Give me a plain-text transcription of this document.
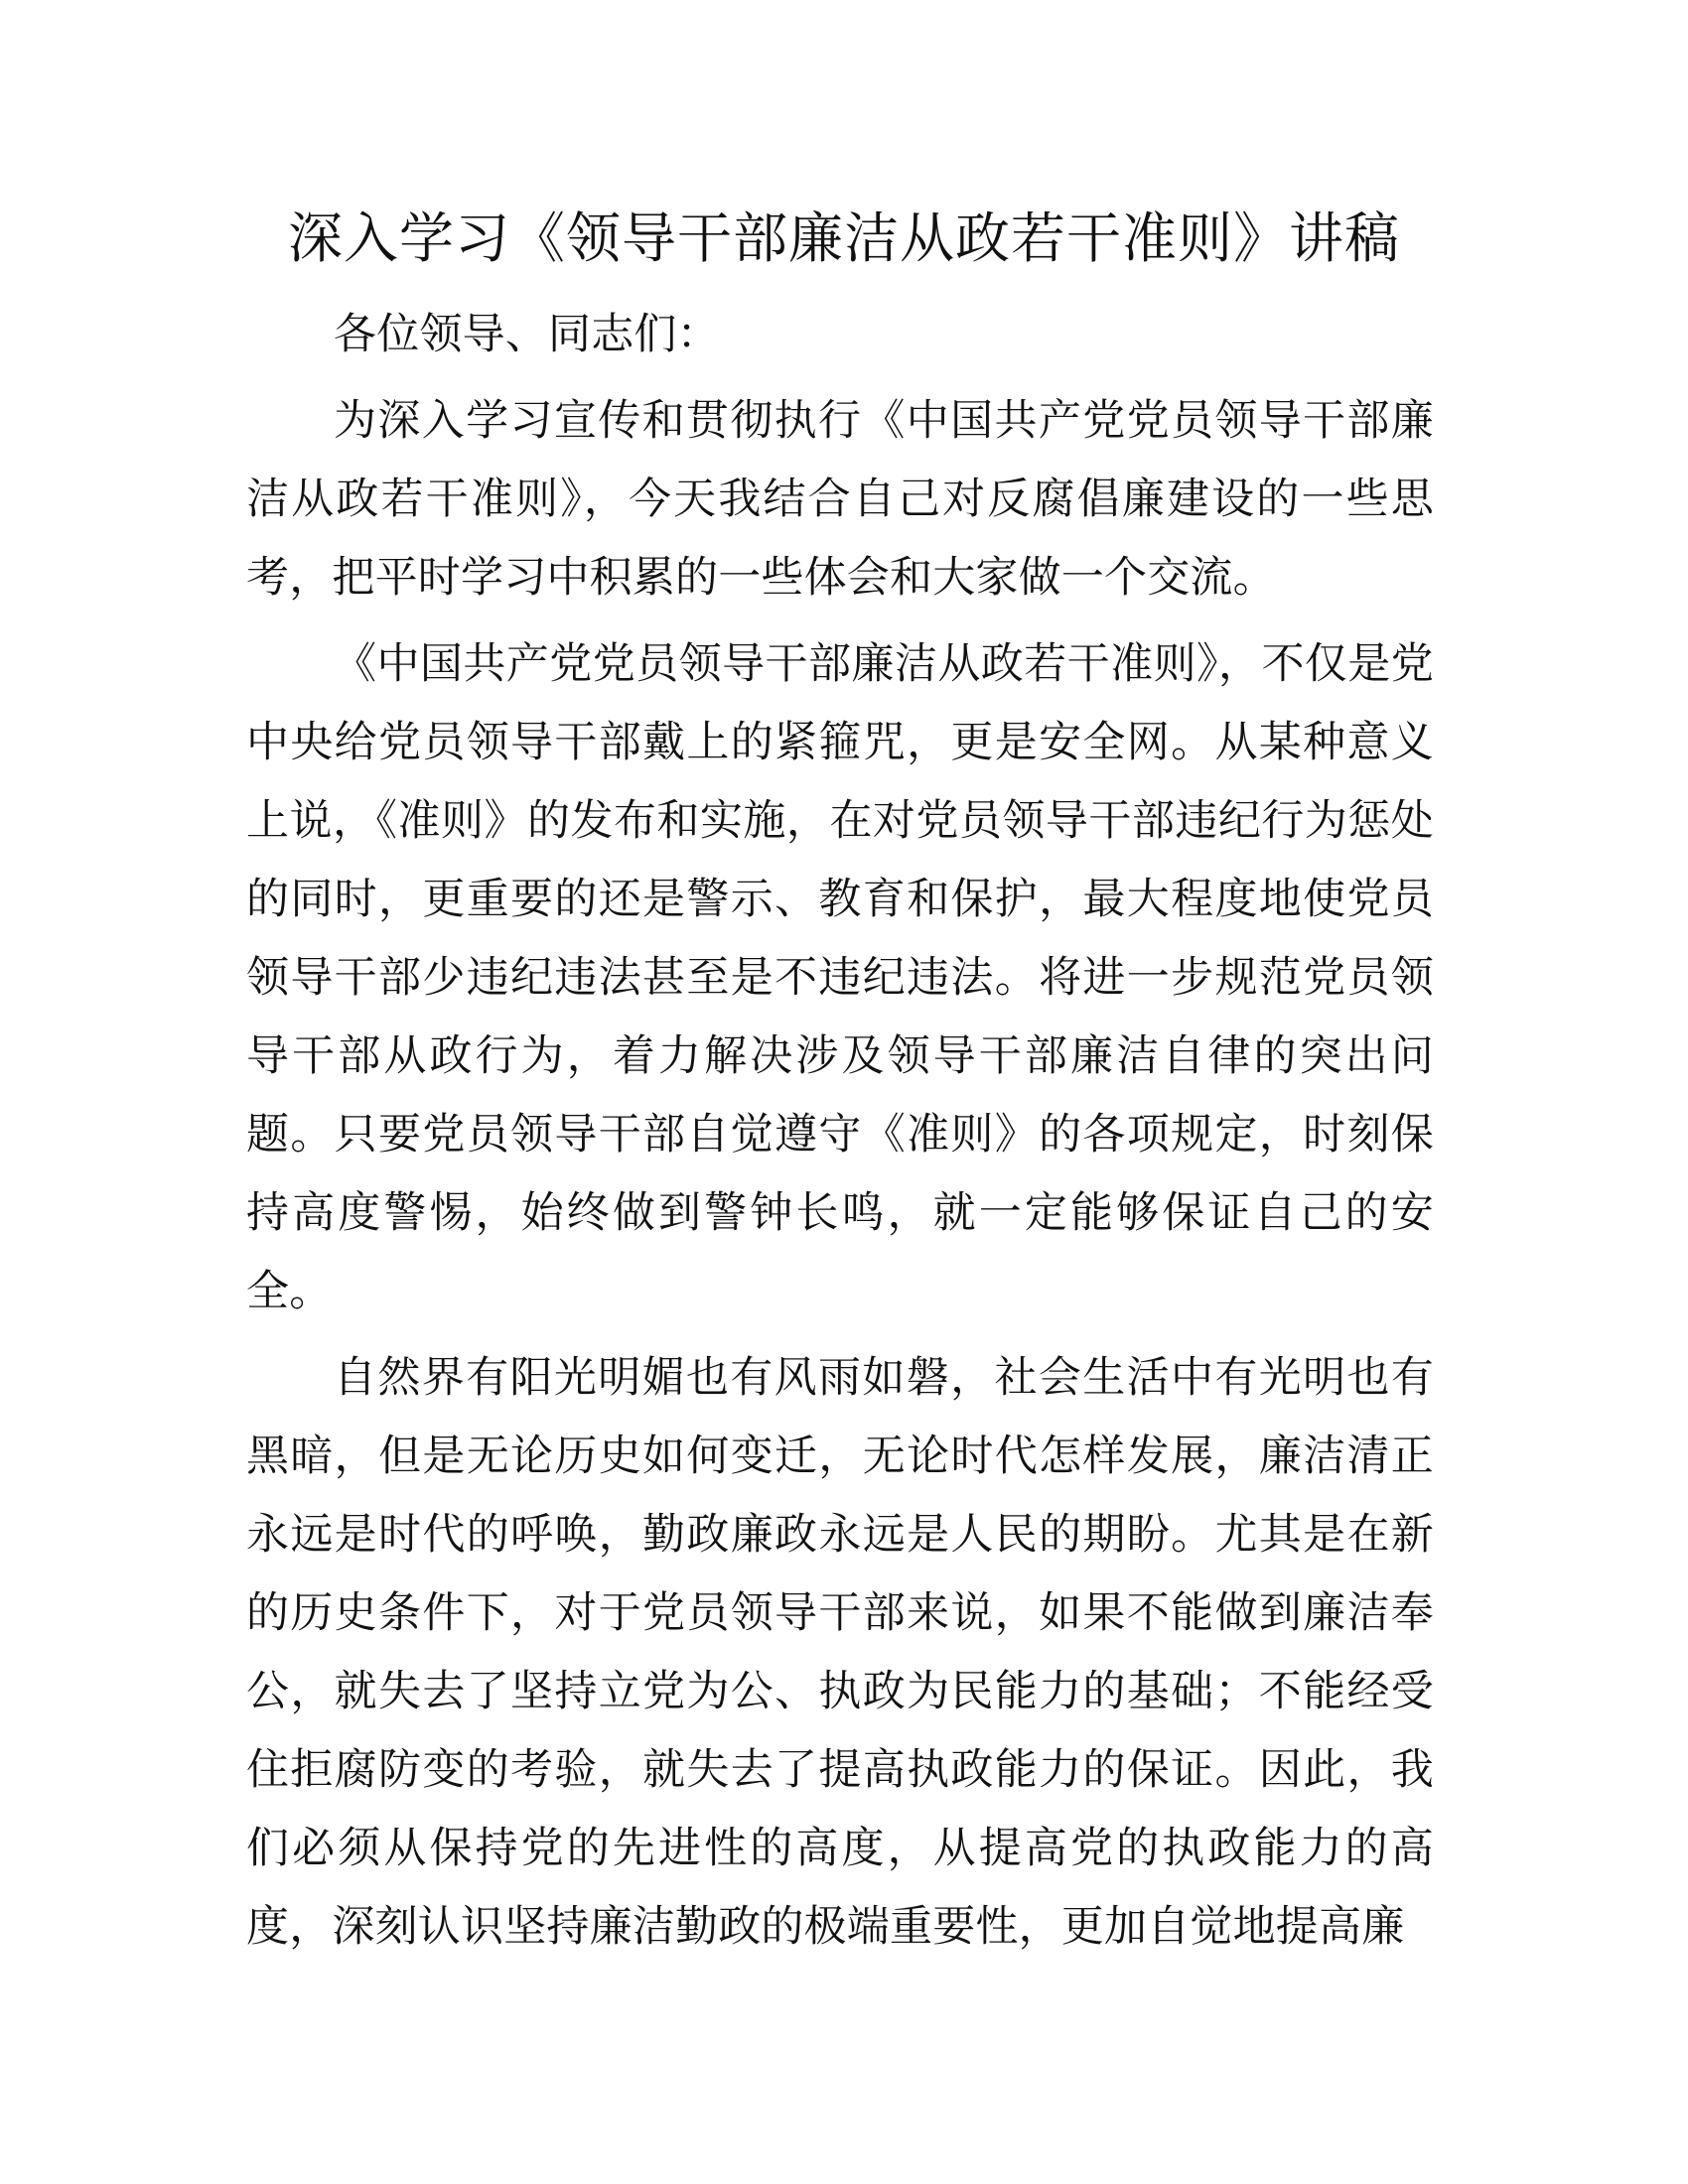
深入学习《领导干部廉洁从政若干准则》讲稿

各位领导、同志们：

为深入学习宣传和贯彻执行《中国共产党党员领导干部廉洁从政若干准则》，今天我结合自己对反腐倡廉建设的一些思考，把平时学习中积累的一些体会和大家做一个交流。

《中国共产党党员领导干部廉洁从政若干准则》，不仅是党中央给党员领导干部戴上的紧箍咒，更是安全网。从某种意义上说，《准则》的发布和实施，在对党员领导干部违纪行为惩处的同时，更重要的还是警示、教育和保护，最大程度地使党员领导干部少违纪违法甚至是不违纪违法。将进一步规范党员领导干部从政行为，着力解决涉及领导干部廉洁自律的突出问题。只要党员领导干部自觉遵守《准则》的各项规定，时刻保持高度警惕，始终做到警钟长鸣，就一定能够保证自己的安全。

自然界有阳光明媚也有风雨如磐，社会生活中有光明也有黑暗，但是无论历史如何变迁，无论时代怎样发展，廉洁清正永远是时代的呼唤，勤政廉政永远是人民的期盼。尤其是在新的历史条件下，对于党员领导干部来说，如果不能做到廉洁奉公，就失去了坚持立党为公、执政为民能力的基础；不能经受住拒腐防变的考验，就失去了提高执政能力的保证。因此，我们必须从保持党的先进性的高度，从提高党的执政能力的高度，深刻认识坚持廉洁勤政的极端重要性，更加自觉地提高廉
